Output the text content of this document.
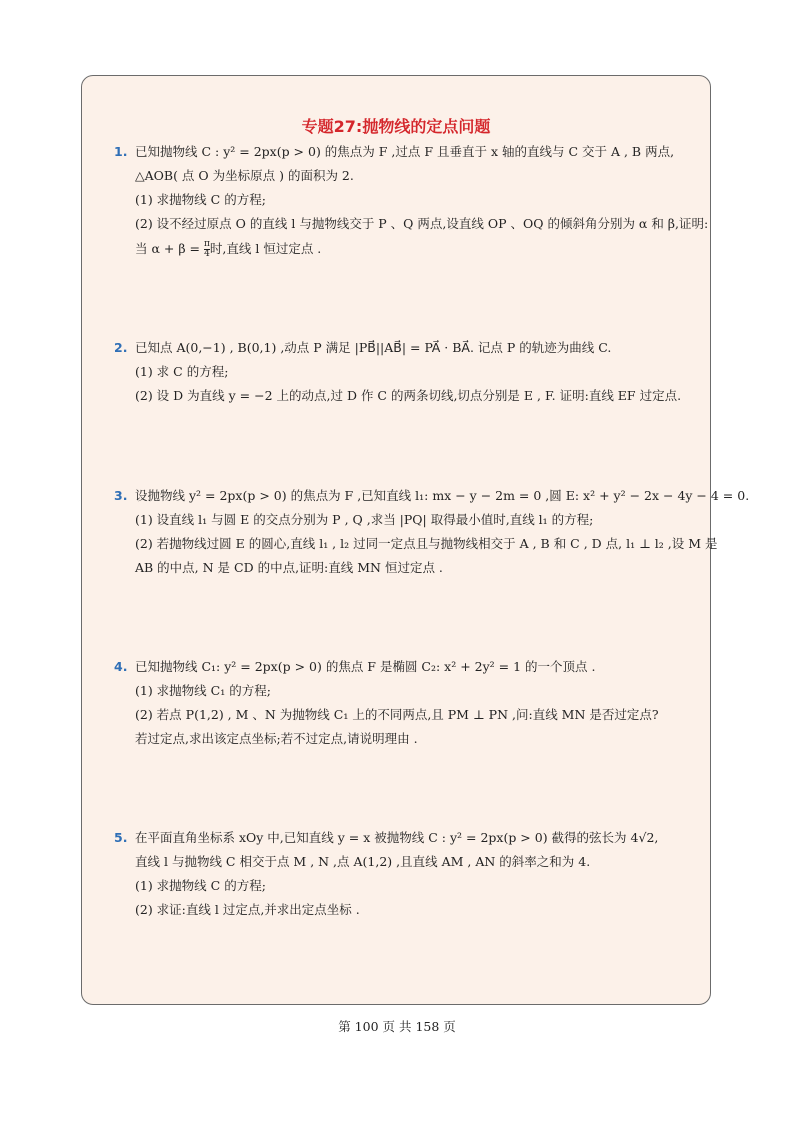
专题27:抛物线的定点问题
1. 已知抛物线 C : y² = 2px(p > 0) 的焦点为 F ,过点 F 且垂直于 x 轴的直线与 C 交于 A , B 两点,
△AOB( 点 O 为坐标原点 ) 的面积为 2.
(1) 求抛物线 C 的方程;
(2) 设不经过原点 O 的直线 l 与抛物线交于 P 、Q 两点,设直线 OP 、OQ 的倾斜角分别为 α 和 β,证明:
当 $\alpha + \beta = \frac{\pi}{4}$ 时,直线 l 恒过定点 .
2. 已知点 A(0,−1) , B(0,1) ,动点 P 满足 |PB⃗||AB⃗| = PA⃗ · BA⃗. 记点 P 的轨迹为曲线 C.
(1) 求 C 的方程;
(2) 设 D 为直线 y = −2 上的动点,过 D 作 C 的两条切线,切点分别是 E , F. 证明:直线 EF 过定点.
3. 设抛物线 y² = 2px(p > 0) 的焦点为 F ,已知直线 l₁: mx − y − 2m = 0 ,圆 E: x² + y² − 2x − 4y − 4 = 0.
(1) 设直线 l₁ 与圆 E 的交点分别为 P , Q ,求当 |PQ| 取得最小值时,直线 l₁ 的方程;
(2) 若抛物线过圆 E 的圆心,直线 l₁ , l₂ 过同一定点且与抛物线相交于 A , B 和 C , D 点, l₁ ⊥ l₂ ,设 M 是
AB 的中点, N 是 CD 的中点,证明:直线 MN 恒过定点 .
4. 已知抛物线 C₁: y² = 2px(p > 0) 的焦点 F 是椭圆 C₂: x² + 2y² = 1 的一个顶点 .
(1) 求抛物线 C₁ 的方程;
(2) 若点 P(1,2) , M 、N 为抛物线 C₁ 上的不同两点,且 PM ⊥ PN ,问:直线 MN 是否过定点?
若过定点,求出该定点坐标;若不过定点,请说明理由 .
5. 在平面直角坐标系 xOy 中,已知直线 y = x 被抛物线 C : y² = 2px(p > 0) 截得的弦长为 4√2,
直线 l 与抛物线 C 相交于点 M , N ,点 A(1,2) ,且直线 AM , AN 的斜率之和为 4.
(1) 求抛物线 C 的方程;
(2) 求证:直线 l 过定点,并求出定点坐标 .
第 100 页 共 158 页
